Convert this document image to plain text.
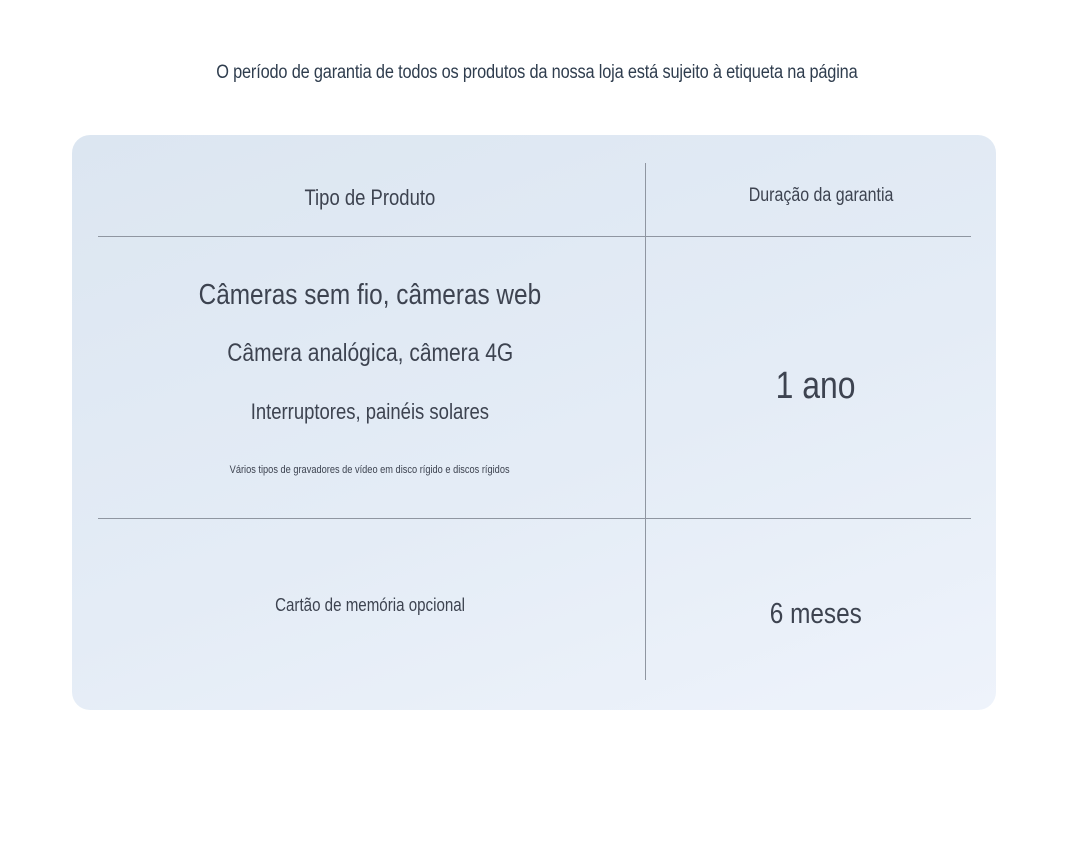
O período de garantia de todos os produtos da nossa loja está sujeito à etiqueta na página
Tipo de Produto	Duração da garantia
Câmeras sem fio, câmeras web
Câmera analógica, câmera 4G
Interruptores, painéis solares
Vários tipos de gravadores de vídeo em disco rígido e discos rígidos
1 ano
Cartão de memória opcional	6 meses
